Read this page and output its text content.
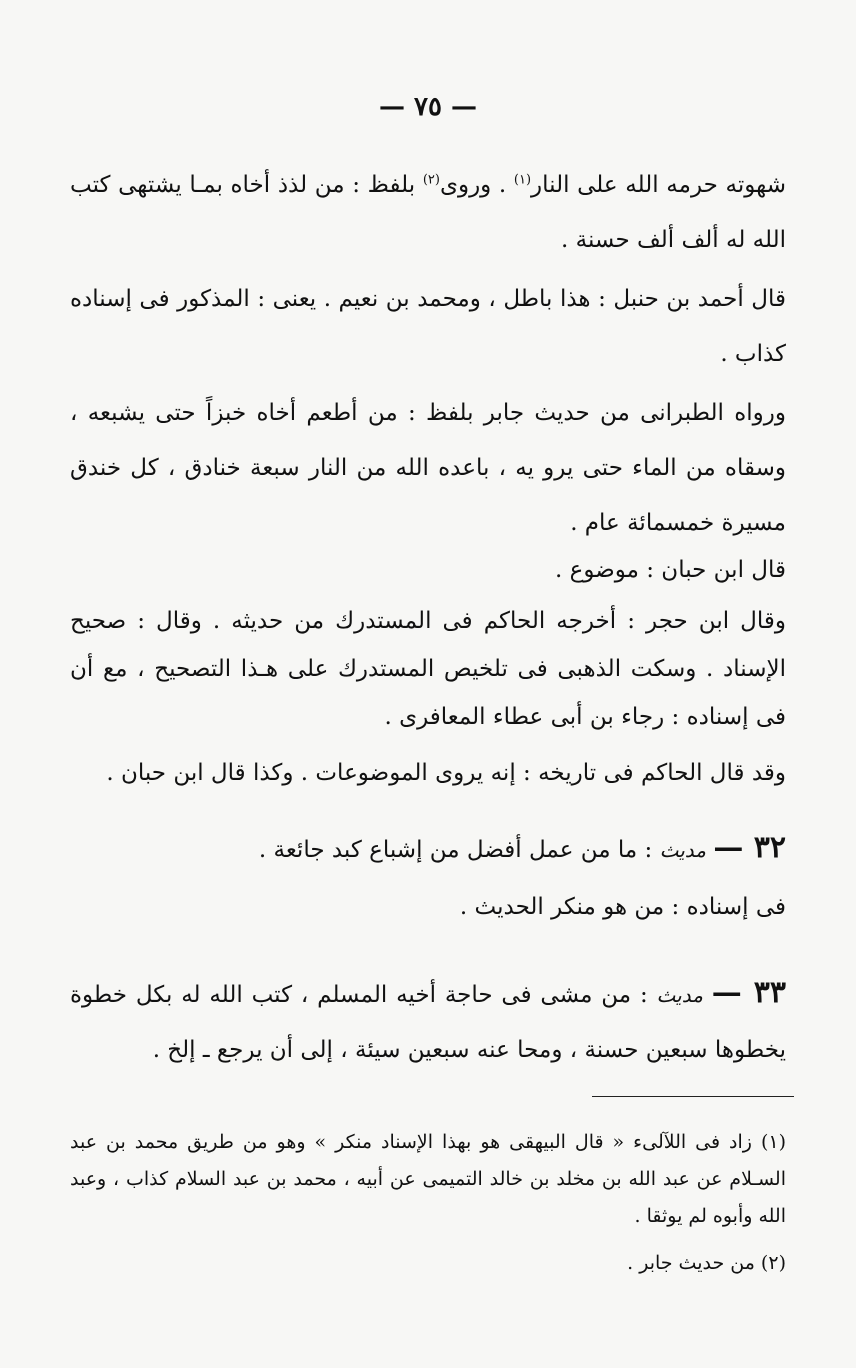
— ٧٥ —
شهوته حرمه الله على النار$^{(١)}$ . وروى$^{(٢)}$ بلفظ : من لذذ أخاه بمـا يشتهى كتب الله له ألف ألف حسنة .
قال أحمد بن حنبل : هذا باطل ، ومحمد بن نعيم . يعنى : المذكور فى إسناده كذاب .
ورواه الطبرانى من حديث جابر بلفظ : من أطعم أخاه خبزاً حتى يشبعه ، وسقاه من الماء حتى يرو يه ، باعده الله من النار سبعة خنادق ، كل خندق مسيرة خمسمائة عام .
قال ابن حبان : موضوع .
وقال ابن حجر : أخرجه الحاكم فى المستدرك من حديثه . وقال : صحيح الإسناد . وسكت الذهبى فى تلخيص المستدرك على هـذا التصحيح ، مع أن فى إسناده : رجاء بن أبى عطاء المعافرى .
وقد قال الحاكم فى تاريخه : إنه يروى الموضوعات . وكذا قال ابن حبان .
٣٢ — مديث : ما من عمل أفضل من إشباع كبد جائعة .
فى إسناده : من هو منكر الحديث .
٣٣ — مديث : من مشى فى حاجة أخيه المسلم ، كتب الله له بكل خطوة يخطوها سبعين حسنة ، ومحا عنه سبعين سيئة ، إلى أن يرجع ـ إلخ .
(١) زاد فى اللآلىء « قال البيهقى هو بهذا الإسناد منكر » وهو من طريق محمد بن عبد السـلام عن عبد الله بن مخلد بن خالد التميمى عن أبيه ، محمد بن عبد السلام كذاب ، وعبد الله وأبوه لم يوثقا .
(٢) من حديث جابر .
